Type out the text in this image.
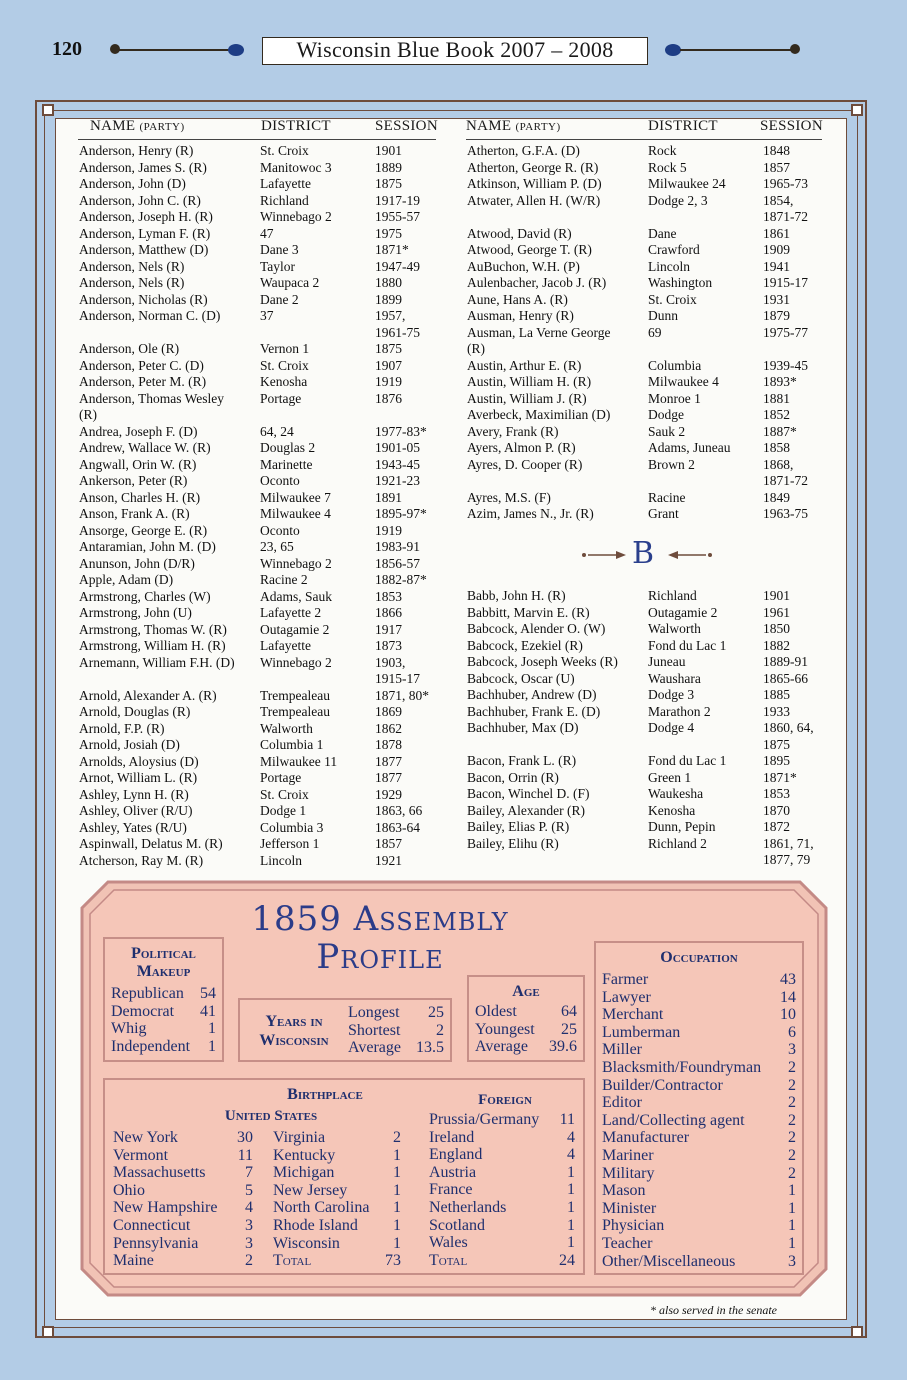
120	Wisconsin Blue Book 2007 – 2008
NAME (PARTY)	DISTRICT	SESSION NAME (PARTY)	DISTRICT	SESSION
Anderson, Henry (R)	St. Croix	1901
Anderson, James S. (R)	Manitowoc 3	1889
Anderson, John (D)	Lafayette	1875
Anderson, John C. (R)	Richland	1917-19
Anderson, Joseph H. (R)	Winnebago 2	1955-57
Anderson, Lyman F. (R)	47	1975
Anderson, Matthew (D)	Dane 3	1871*
Anderson, Nels (R)	Taylor	1947-49
Anderson, Nels (R)	Waupaca 2	1880
Anderson, Nicholas (R)	Dane 2	1899
Anderson, Norman C. (D)	37	1957,
1961-75
Anderson, Ole (R)	Vernon 1	1875
Anderson, Peter C. (D)	St. Croix	1907
Anderson, Peter M. (R)	Kenosha	1919
Anderson, Thomas Wesley	Portage	1876
(R)
Andrea, Joseph F. (D)	64, 24	1977-83*
Andrew, Wallace W. (R)	Douglas 2	1901-05
Angwall, Orin W. (R)	Marinette	1943-45
Ankerson, Peter (R)	Oconto	1921-23
Anson, Charles H. (R)	Milwaukee 7	1891
Anson, Frank A. (R)	Milwaukee 4	1895-97*
Ansorge, George E. (R)	Oconto	1919
Antaramian, John M. (D)	23, 65	1983-91
Anunson, John (D/R)	Winnebago 2	1856-57
Apple, Adam (D)	Racine 2	1882-87*
Armstrong, Charles (W)	Adams, Sauk	1853
Armstrong, John (U)	Lafayette 2	1866
Armstrong, Thomas W. (R) Outagamie 2	1917
Armstrong, William H. (R)	Lafayette	1873
Arnemann, William F.H. (D) Winnebago 2	1903,
1915-17
Arnold, Alexander A. (R)	Trempealeau	1871, 80*
Arnold, Douglas (R)	Trempealeau	1869
Arnold, F.P. (R)	Walworth	1862
Arnold, Josiah (D)	Columbia 1	1878
Arnolds, Aloysius (D)	Milwaukee 11	1877
Arnot, William L. (R)	Portage	1877
Ashley, Lynn H. (R)	St. Croix	1929
Ashley, Oliver (R/U)	Dodge 1	1863, 66
Ashley, Yates (R/U)	Columbia 3	1863-64
Aspinwall, Delatus M. (R)	Jefferson 1	1857
Atcherson, Ray M. (R)	Lincoln	1921
Atherton, G.F.A. (D)	Rock	1848
Atherton, George R. (R)	Rock 5	1857
Atkinson, William P. (D)	Milwaukee 24	1965-73
Atwater, Allen H. (W/R)	Dodge 2, 3	1854,
1871-72
Atwood, David (R)	Dane	1861
Atwood, George T. (R)	Crawford	1909
AuBuchon, W.H. (P)	Lincoln	1941
Aulenbacher, Jacob J. (R)	Washington	1915-17
Aune, Hans A. (R)	St. Croix	1931
Ausman, Henry (R)	Dunn	1879
Ausman, La Verne George	69	1975-77
(R)
Austin, Arthur E. (R)	Columbia	1939-45
Austin, William H. (R)	Milwaukee 4	1893*
Austin, William J. (R)	Monroe 1	1881
Averbeck, Maximilian (D)	Dodge	1852
Avery, Frank (R)	Sauk 2	1887*
Ayers, Almon P. (R)	Adams, Juneau 1858
Ayres, D. Cooper (R)	Brown 2	1868,
1871-72
Ayres, M.S. (F)	Racine	1849
Azim, James N., Jr. (R)	Grant	1963-75
B
Babb, John H. (R)	Richland	1901
Babbitt, Marvin E. (R)	Outagamie 2	1961
Babcock, Alender O. (W)	Walworth	1850
Babcock, Ezekiel (R)	Fond du Lac 1	1882
Babcock, Joseph Weeks (R) Juneau	1889-91
Babcock, Oscar (U)	Waushara	1865-66
Bachhuber, Andrew (D)	Dodge 3	1885
Bachhuber, Frank E. (D)	Marathon 2	1933
Bachhuber, Max (D)	Dodge 4	1860, 64,
1875
Bacon, Frank L. (R)	Fond du Lac 1	1895
Bacon, Orrin (R)	Green 1	1871*
Bacon, Winchel D. (F)	Waukesha	1853
Bailey, Alexander (R)	Kenosha	1870
Bailey, Elias P. (R)	Dunn, Pepin	1872
Bailey, Elihu (R)	Richland 2	1861, 71,
1877, 79
1859 Assembly Profile
Political Makeup
Republican 54
Democrat 41
Whig	1
Independent 1
Years in Wisconsin
Longest 25
Shortest 2
Average 13.5
Age
Oldest	64
Youngest 25
Average 39.6
Occupation
Farmer	43
Lawyer	14
Merchant	10
Lumberman	6
Miller	3
Blacksmith/Foundryman 2
Builder/Contractor	2
Editor	2
Land/Collecting agent	2
Manufacturer	2
Mariner	2
Military	2
Mason	1
Minister	1
Physician	1
Teacher	1
Other/Miscellaneous	3
Birthplace
United States
Foreign
New York	30
Vermont	11
Massachusetts 7
Ohio	5
New Hampshire 4
Connecticut	3
Pennsylvania	3
Maine	2
Virginia	2
Kentucky	1
Michigan	1
New Jersey	1
North Carolina 1
Rhode Island 1
Wisconsin	1
Total	73
Prussia/Germany 11
Ireland	4
England	4
Austria	1
France	1
Netherlands	1
Scotland	1
Wales	1
Total	24
* also served in the senate
